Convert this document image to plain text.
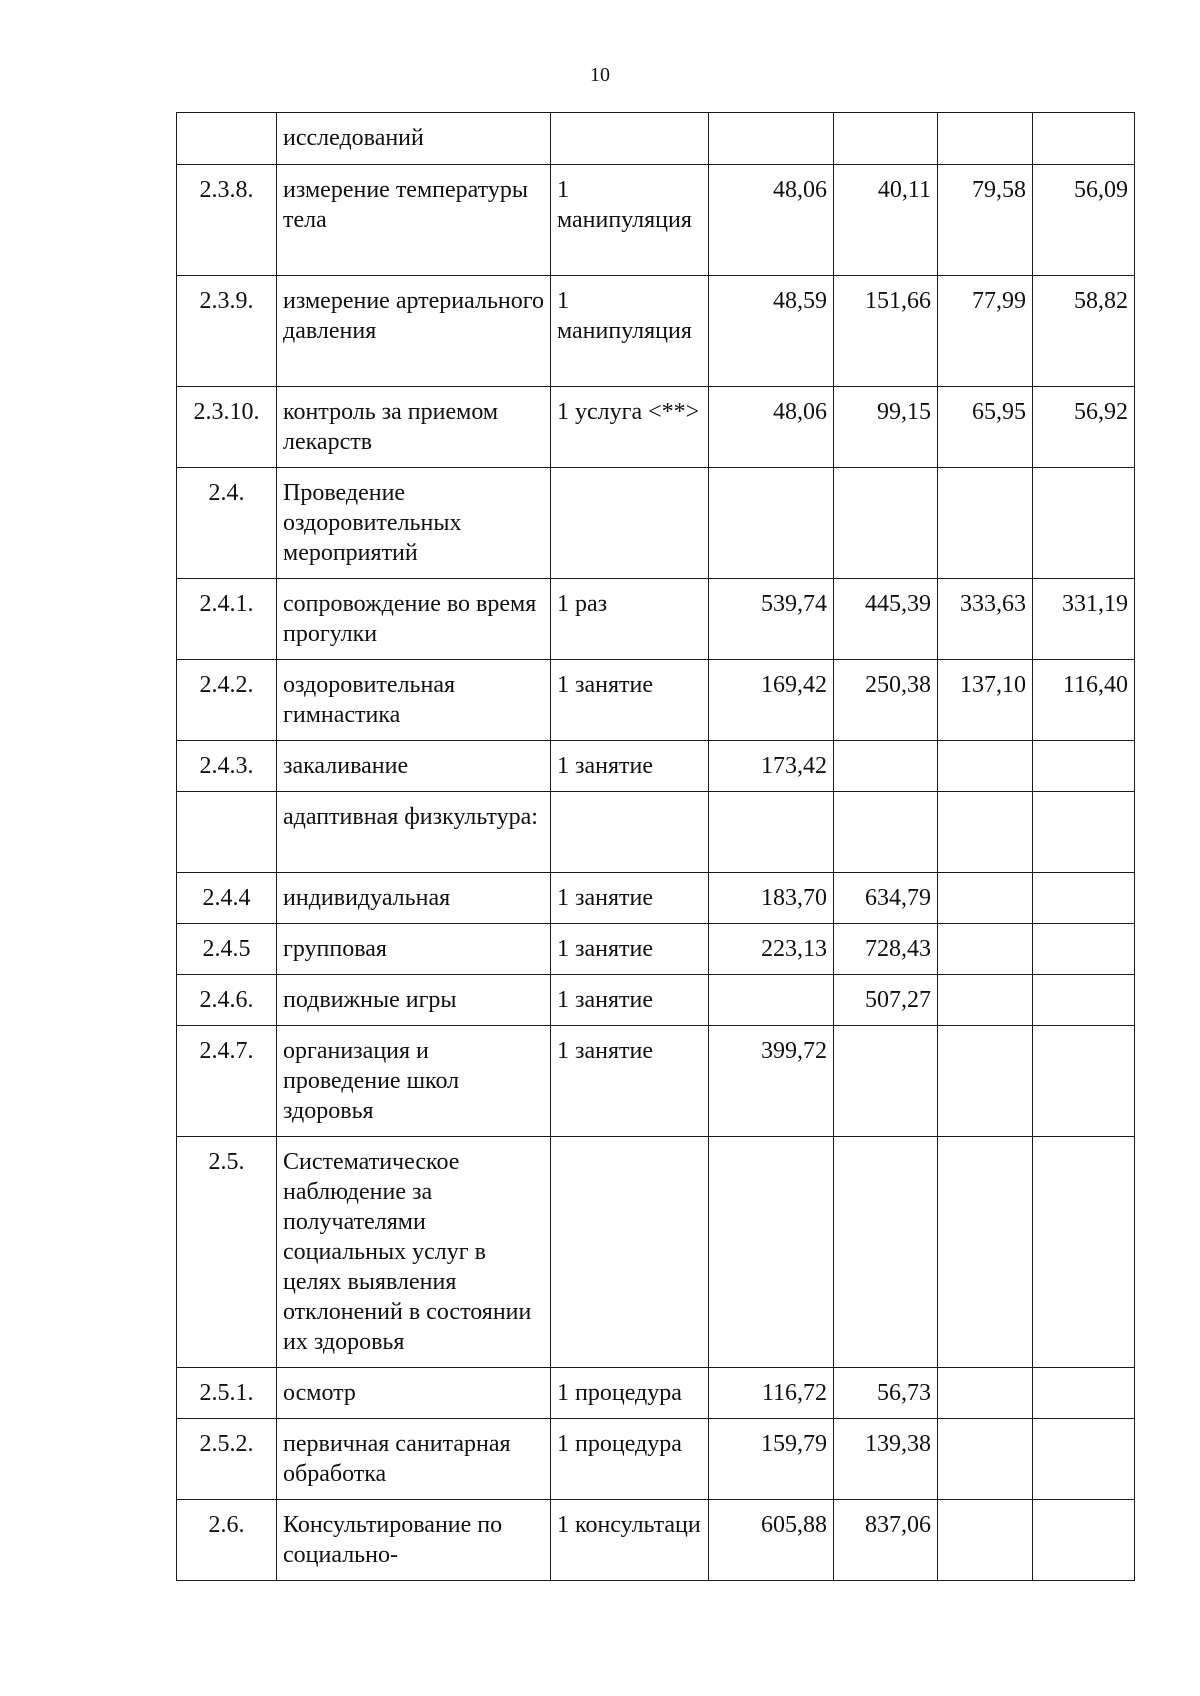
10
	исследований					
2.3.8.	измерение температуры тела	1 манипуляция	48,06	40,11	79,58	56,09
2.3.9.	измерение артериального давления	1 манипуляция	48,59	151,66	77,99	58,82
2.3.10.	контроль за приемом лекарств	1 услуга <**>	48,06	99,15	65,95	56,92
2.4.	Проведение оздоровительных мероприятий					
2.4.1.	сопровождение во время прогулки	1 раз	539,74	445,39	333,63	331,19
2.4.2.	оздоровительная гимнастика	1 занятие	169,42	250,38	137,10	116,40
2.4.3.	закаливание	1 занятие	173,42			
	адаптивная физкультура:					
2.4.4	индивидуальная	1 занятие	183,70	634,79		
2.4.5	групповая	1 занятие	223,13	728,43		
2.4.6.	подвижные игры	1 занятие		507,27		
2.4.7.	организация и проведение школ здоровья	1 занятие	399,72			
2.5.	Систематическое наблюдение за получателями социальных услуг в целях выявления отклонений в состоянии их здоровья					
2.5.1.	осмотр	1 процедура	116,72	56,73		
2.5.2.	первичная санитарная обработка	1 процедура	159,79	139,38		
2.6.	Консультирование по социально-	1 консультаци	605,88	837,06		
